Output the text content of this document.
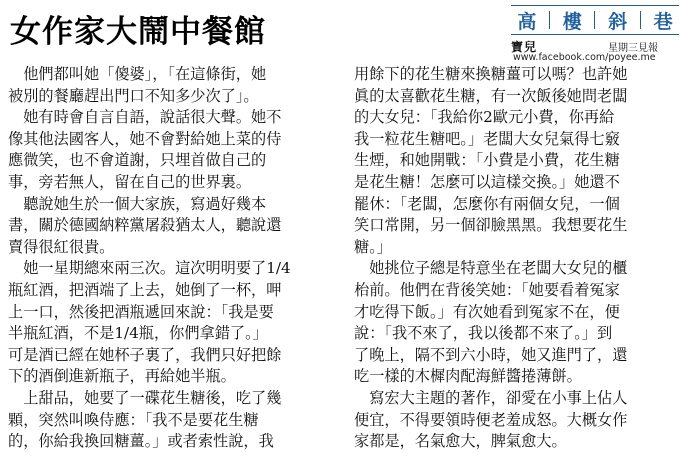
女作家大鬧中餐館	高 樓 斜 巷
寶兒	星期三見報
www.facebook.com/poyee.me

　他們都叫她「傻婆」，「在這條街，她
被別的餐廳趕出門口不知多少次了」。

　她有時會自言自語，說話很大聲。她不
像其他法國客人，她不會對給她上菜的侍
應微笑，也不會道謝，只埋首做自己的
事，旁若無人，留在自己的世界裏。

　聽說她生於一個大家族，寫過好幾本
書，關於德國納粹黨屠殺猶太人，聽說還
賣得很紅很貴。

　她一星期總來兩三次。這次明明要了1/4
瓶紅酒，把酒端了上去，她倒了一杯，呷
上一口，然後把酒瓶遞回來說：「我是要
半瓶紅酒，不是1/4瓶，你們拿錯了。」
可是酒已經在她杯子裏了，我們只好把餘
下的酒倒進新瓶子，再給她半瓶。

　上甜品，她要了一碟花生糖後，吃了幾
顆，突然叫喚侍應：「我不是要花生糖
的，你給我換回糖薑。」或者索性說，我

用餘下的花生糖來換糖薑可以嗎？也許她
眞的太喜歡花生糖，有一次飯後她問老闆
的大女兒：「我給你2歐元小費，你再給
我一粒花生糖吧。」老闆大女兒氣得七竅
生煙，和她開戰：「小費是小費，花生糖
是花生糖！怎麼可以這樣交換。」她還不
罷休：「老闆，怎麼你有兩個女兒，一個
笑口常開，另一個卻臉黑黑。我想要花生
糖。」

　她挑位子總是特意坐在老闆大女兒的櫃
枱前。他們在背後笑她：「她要看着冤家
才吃得下飯。」有次她看到冤家不在，便
說：「我不來了，我以後都不來了。」到
了晚上，隔不到六小時，她又進門了，還
吃一樣的木樨肉配海鮮醬捲薄餅。

　寫宏大主題的著作，卻愛在小事上佔人
便宜，不得要領時便老羞成怒。大概女作
家都是，名氣愈大，脾氣愈大。
